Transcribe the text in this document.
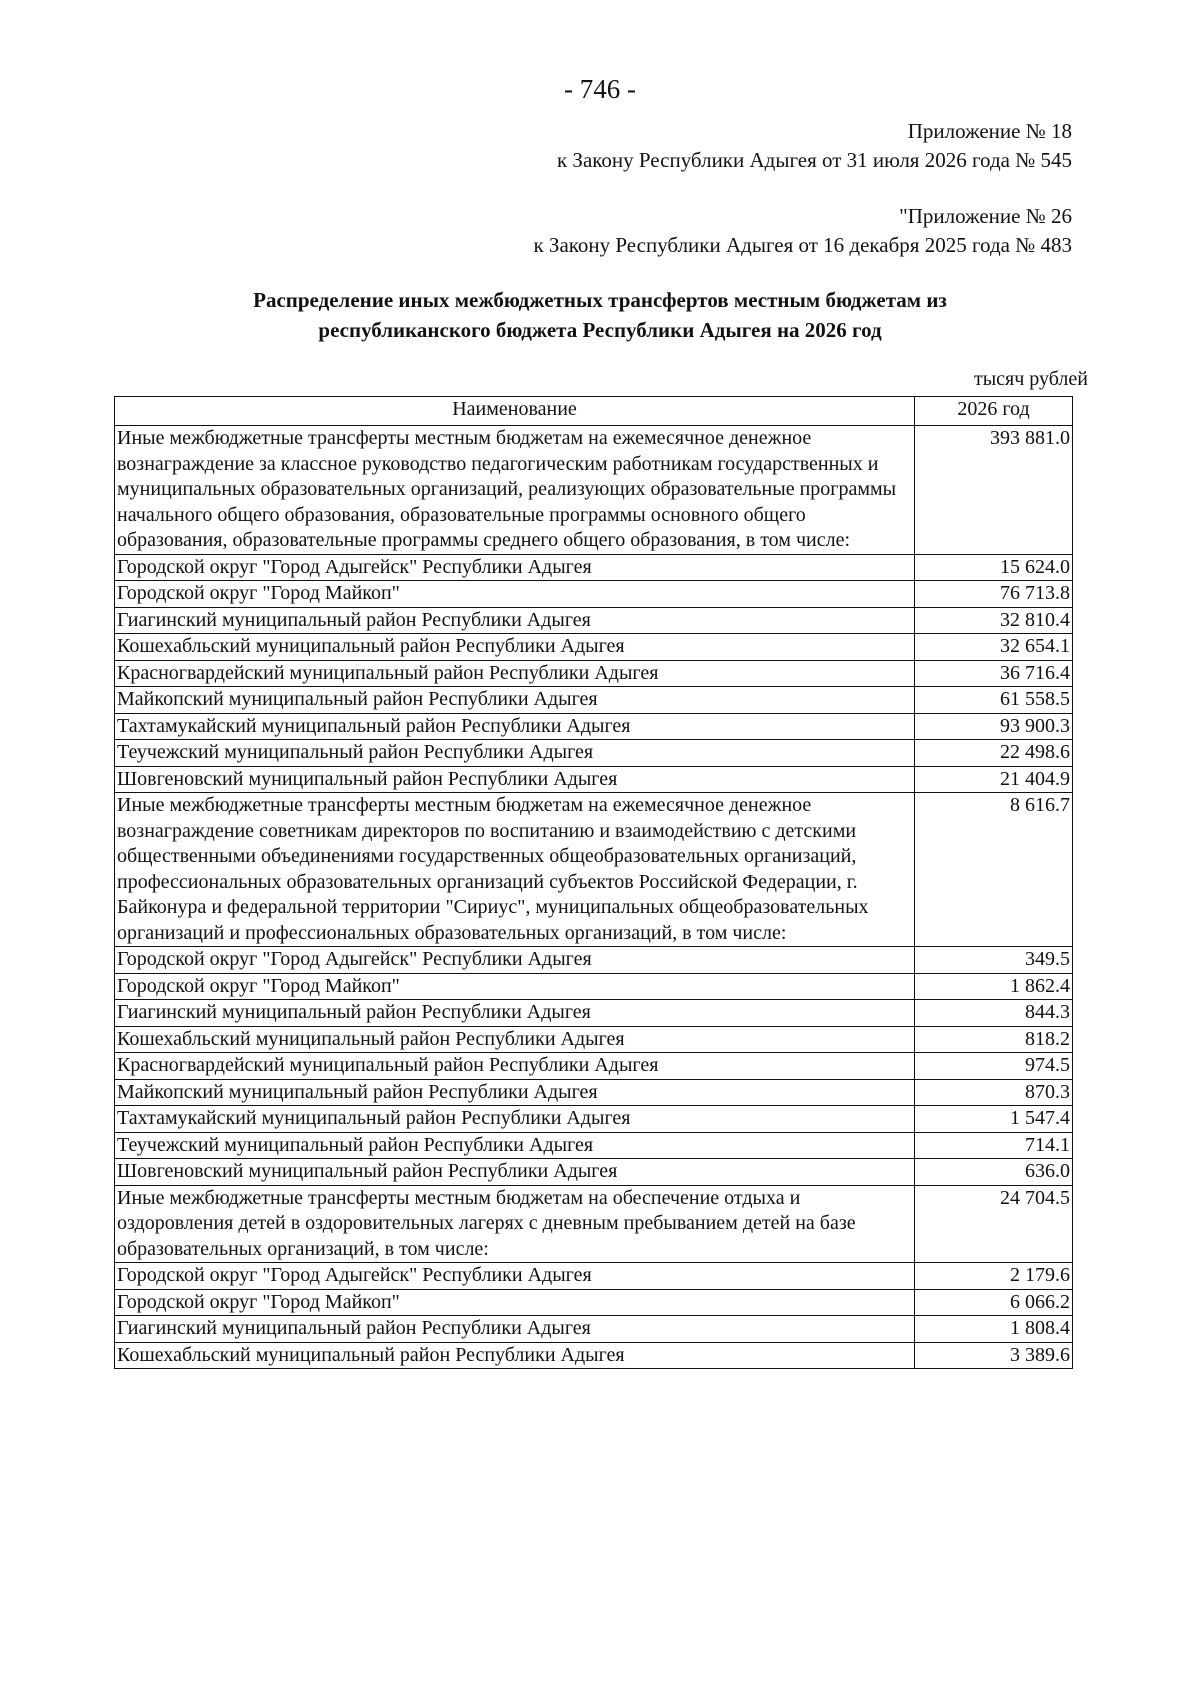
- 746 -
Приложение № 18
к Закону Республики Адыгея от 31 июля 2026 года № 545
"Приложение № 26
к Закону Республики Адыгея от 16 декабря 2025 года № 483
Распределение иных межбюджетных трансфертов местным бюджетам из
республиканского бюджета Республики Адыгея на 2026 год
тысяч рублей
Наименование	2026 год
Иные межбюджетные трансферты местным бюджетам на ежемесячное денежное вознаграждение за классное руководство педагогическим работникам государственных и муниципальных образовательных организаций, реализующих образовательные программы начального общего образования, образовательные программы основного общего образования, образовательные программы среднего общего образования, в том числе:	393 881.0
Городской округ "Город Адыгейск" Республики Адыгея	15 624.0
Городской округ "Город Майкоп"	76 713.8
Гиагинский муниципальный район Республики Адыгея	32 810.4
Кошехабльский муниципальный район Республики Адыгея	32 654.1
Красногвардейский муниципальный район Республики Адыгея	36 716.4
Майкопский муниципальный район Республики Адыгея	61 558.5
Тахтамукайский муниципальный район Республики Адыгея	93 900.3
Теучежский муниципальный район Республики Адыгея	22 498.6
Шовгеновский муниципальный район Республики Адыгея	21 404.9
Иные межбюджетные трансферты местным бюджетам на ежемесячное денежное вознаграждение советникам директоров по воспитанию и взаимодействию с детскими общественными объединениями государственных общеобразовательных организаций, профессиональных образовательных организаций субъектов Российской Федерации, г. Байконура и федеральной территории "Сириус", муниципальных общеобразовательных организаций и профессиональных образовательных организаций, в том числе:	8 616.7
Городской округ "Город Адыгейск" Республики Адыгея	349.5
Городской округ "Город Майкоп"	1 862.4
Гиагинский муниципальный район Республики Адыгея	844.3
Кошехабльский муниципальный район Республики Адыгея	818.2
Красногвардейский муниципальный район Республики Адыгея	974.5
Майкопский муниципальный район Республики Адыгея	870.3
Тахтамукайский муниципальный район Республики Адыгея	1 547.4
Теучежский муниципальный район Республики Адыгея	714.1
Шовгеновский муниципальный район Республики Адыгея	636.0
Иные межбюджетные трансферты местным бюджетам на обеспечение отдыха и оздоровления детей в оздоровительных лагерях с дневным пребыванием детей на базе образовательных организаций, в том числе:	24 704.5
Городской округ "Город Адыгейск" Республики Адыгея	2 179.6
Городской округ "Город Майкоп"	6 066.2
Гиагинский муниципальный район Республики Адыгея	1 808.4
Кошехабльский муниципальный район Республики Адыгея	3 389.6
